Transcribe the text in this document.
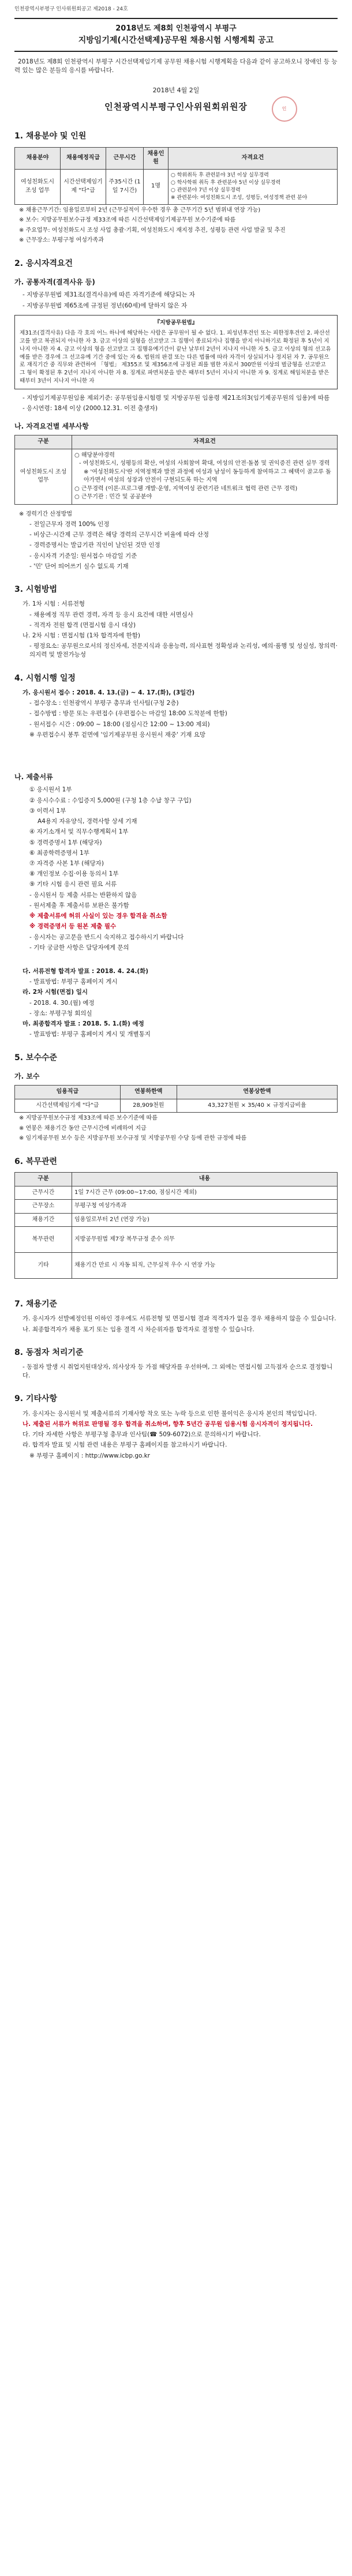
인천광역시부평구 인사위원회공고 제2018 - 24호
2018년도 제8회 인천광역시 부평구
지방임기제(시간선택제)공무원 채용시험 시행계획 공고

2018년도 제8회 인천광역시 부평구 시간선택제임기제 공무원 채용시험 시행계획을 다음과 같이 공고하오니 장애인 등 능력 있는 많은 분들의 응시를 바랍니다.

2018년 4월 2일
인천광역시부평구인사위원회위원장	인
1. 채용분야 및 인원
채용분야	채용예정직급	근무시간	채용인원	자격요건
여성친화도시 조성 업무	시간선택제임기제 "다"급	주35시간 (1일 7시간)	1명	○ 학위취득 후 관련분야 3년 이상 실무경력
○ 학사학위 취득 후 관련분야 5년 이상 실무경력
○ 관련분야 7년 이상 실무경력
※ 관련분야: 여성친화도시 조성, 성평등, 여성정책 관련 분야
※ 채용근무기간: 임용일로부터 2년 (근무실적이 우수한 경우 총 근무기간 5년 범위내 연장 가능)
※ 보수: 지방공무원보수규정 제33조에 따른 시간선택제임기제공무원 보수기준에 따름
※ 주요업무: 여성친화도시 조성 사업 총괄·기획, 여성친화도시 재지정 추진, 성평등 관련 사업 발굴 및 추진
※ 근무장소: 부평구청 여성가족과
2. 응시자격요건
가. 공통자격(결격사유 등)
- 지방공무원법 제31조(결격사유)에 따른 자격기준에 해당되는 자
- 지방공무원법 제65조에 규정된 정년(60세)에 달하지 않은 자
『지방공무원법』
제31조(결격사유) 다음 각 호의 어느 하나에 해당하는 사람은 공무원이 될 수 없다. 1. 피성년후견인 또는 피한정후견인 2. 파산선고를 받고 복권되지 아니한 자 3. 금고 이상의 실형을 선고받고 그 집행이 종료되거나 집행을 받지 아니하기로 확정된 후 5년이 지나지 아니한 자 4. 금고 이상의 형을 선고받고 그 집행유예기간이 끝난 날부터 2년이 지나지 아니한 자 5. 금고 이상의 형의 선고유예를 받은 경우에 그 선고유예 기간 중에 있는 자 6. 법원의 판결 또는 다른 법률에 따라 자격이 상실되거나 정지된 자 7. 공무원으로 재직기간 중 직무와 관련하여 「형법」 제355조 및 제356조에 규정된 죄를 범한 자로서 300만원 이상의 벌금형을 선고받고 그 형이 확정된 후 2년이 지나지 아니한 자 8. 징계로 파면처분을 받은 때부터 5년이 지나지 아니한 자 9. 징계로 해임처분을 받은 때부터 3년이 지나지 아니한 자
- 지방임기제공무원임용 제외기준: 공무원임용시험령 및 지방공무원 임용령 제21조의3(임기제공무원의 임용)에 따름
- 응시연령: 18세 이상 (2000.12.31. 이전 출생자)
나. 자격요건별 세부사항
구분	자격요건
여성친화도시 조성 업무	○ 해당분야경력
- 여성친화도시, 성평등의 확산, 여성의 사회참여 확대, 여성의 안전·돌봄 및 권익증진 관련 실무 경력
※ '여성친화도시'란 지역정책과 발전 과정에 여성과 남성이 동등하게 참여하고 그 혜택이 골고루 돌아가면서 여성의 성장과 안전이 구현되도록 하는 지역
○ 근무경력 (이론·프로그램 개발·운영, 지역여성 관련기관 네트워크 협력 관련 근무 경력)
○ 근무기관 : 민간 및 공공분야
※ 경력기간 산정방법
- 전일근무자 경력 100% 인정
- 비상근·시간제 근무 경력은 해당 경력의 근무시간 비율에 따라 산정
- 경력증명서는 발급기관 직인이 날인된 것만 인정
- 응시자격 기준일: 원서접수 마감일 기준
- '민' 단어 띄어쓰기 실수 없도록 기재
3. 시험방법
가. 1차 시험 : 서류전형
- 채용예정 직무 관련 경력, 자격 등 응시 요건에 대한 서면심사
- 적격자 전원 합격 (면접시험 응시 대상)
나. 2차 시험 : 면접시험 (1차 합격자에 한함)
- 평정요소: 공무원으로서의 정신자세, 전문지식과 응용능력, 의사표현 정확성과 논리성, 예의·품행 및 성실성, 창의력·의지력 및 발전가능성
4. 시험시행 일정
가. 응시원서 접수 : 2018. 4. 13.(금) ~ 4. 17.(화), (3일간)
- 접수장소 : 인천광역시 부평구 총무과 인사팀(구청 2층)
- 접수방법 : 방문 또는 우편접수 (우편접수는 마감일 18:00 도착분에 한함)
- 원서접수 시간 : 09:00 ~ 18:00 (점심시간 12:00 ~ 13:00 제외)
※ 우편접수시 봉투 겉면에 '임기제공무원 응시원서 재중' 기재 요망
나. 제출서류
① 응시원서 1부
② 응시수수료 : 수입증지 5,000원 (구청 1층 수납 창구 구입)
③ 이력서 1부
A4용지 자유양식, 경력사항 상세 기재
④ 자기소개서 및 직무수행계획서 1부
⑤ 경력증명서 1부 (해당자)
⑥ 최종학력증명서 1부
⑦ 자격증 사본 1부 (해당자)
⑧ 개인정보 수집·이용 동의서 1부
⑨ 기타 시험 응시 관련 필요 서류
- 응시원서 등 제출 서류는 반환하지 않음
- 원서제출 후 제출서류 보완은 불가함
※ 제출서류에 허위 사실이 있는 경우 합격을 취소함
※ 경력증명서 등 원본 제출 필수
- 응시자는 공고문을 반드시 숙지하고 접수하시기 바랍니다
- 기타 궁금한 사항은 담당자에게 문의
다. 서류전형 합격자 발표 : 2018. 4. 24.(화)
- 발표방법: 부평구 홈페이지 게시
라. 2차 시험(면접) 일시
- 2018. 4. 30.(월) 예정
- 장소: 부평구청 회의실
마. 최종합격자 발표 : 2018. 5. 1.(화) 예정
- 발표방법: 부평구 홈페이지 게시 및 개별통지
5. 보수수준
가. 보수
임용직급	연봉하한액	연봉상한액
시간선택제임기제 "다"급	28,909천원	43,327천원 × 35/40 × 규정지급비율
※ 지방공무원보수규정 제33조에 따른 보수기준에 따름
※ 연봉은 채용기간 동안 근무시간에 비례하여 지급
※ 임기제공무원 보수 등은 지방공무원 보수규정 및 지방공무원 수당 등에 관한 규정에 따름
6. 복무관련
구분	내용
근무시간	1일 7시간 근무 (09:00~17:00, 점심시간 제외)
근무장소	부평구청 여성가족과
채용기간	임용일로부터 2년 (연장 가능)
복무관련	지방공무원법 제7장 복무규정 준수 의무
기타	채용기간 만료 시 자동 퇴직, 근무실적 우수 시 연장 가능
7. 채용기준
가. 응시자가 선발예정인원 이하인 경우에도 서류전형 및 면접시험 결과 적격자가 없을 경우 채용하지 않을 수 있습니다.
나. 최종합격자가 채용 포기 또는 임용 결격 시 차순위자를 합격자로 결정할 수 있습니다.
8. 동점자 처리기준
- 동점자 발생 시 취업지원대상자, 의사상자 등 가점 해당자를 우선하며, 그 외에는 면접시험 고득점자 순으로 결정합니다.
9. 기타사항
가. 응시자는 응시원서 및 제출서류의 기재사항 착오 또는 누락 등으로 인한 불이익은 응시자 본인의 책임입니다.
나. 제출된 서류가 허위로 판명될 경우 합격을 취소하며, 향후 5년간 공무원 임용시험 응시자격이 정지됩니다.
다. 기타 자세한 사항은 부평구청 총무과 인사팀(☎ 509-6072)으로 문의하시기 바랍니다.
라. 합격자 발표 및 시험 관련 내용은 부평구 홈페이지를 참고하시기 바랍니다.
※ 부평구 홈페이지 : http://www.icbp.go.kr
